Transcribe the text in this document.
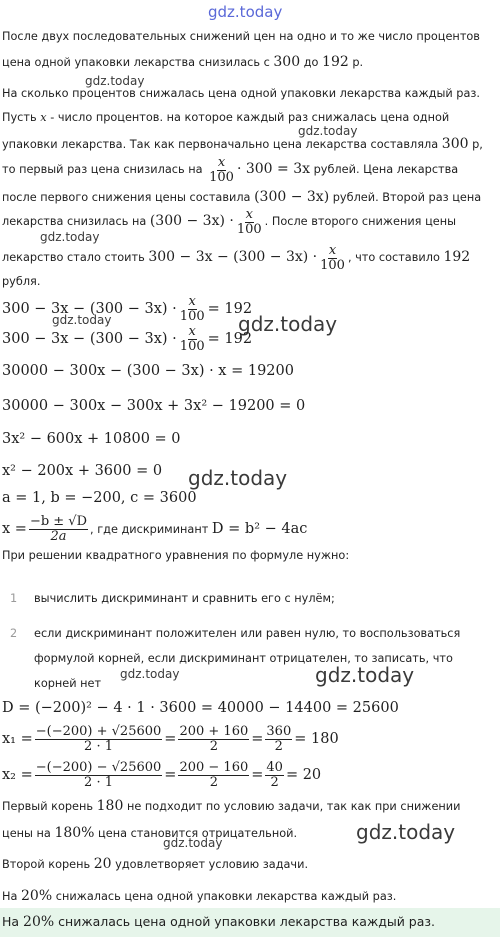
gdz.today
gdz.today
gdz.today
gdz.today
gdz.today	gdz.today
gdz.today
gdz.today	gdz.today
gdz.today
gdz.today
После двух последовательных снижений цен на одно и то же число процентов
цена одной упаковки лекарства снизилась с 300 до 192 р.
На сколько процентов снижалась цена одной упаковки лекарства каждый раз.
Пусть x - число процентов. на которое каждый раз снижалась цена одной
упаковки лекарства. Так как первоначально цена лекарства составляла 300 р,
то первый раз цена снизилась на $\frac{x}{100} \cdot 300 = 3x$ рублей. Цена лекарства
после первого снижения цены составила (300 − 3x) рублей. Второй раз цена
лекарства снизилась на $(300 - 3x) \cdot \frac{x}{100}$ . После второго снижения цены
лекарство стало стоить $300 - 3x - (300 - 3x) \cdot \frac{x}{100}$ , что составило 192
рубля.
$300 - 3x - (300 - 3x) \cdot \frac{x}{100} = 192$
$300 - 3x - (300 - 3x) \cdot \frac{x}{100} = 192$
30000 − 300x − (300 − 3x) · x = 19200
30000 − 300x − 300x + 3x² − 19200 = 0
3x² − 600x + 10800 = 0
x² − 200x + 3600 = 0
a = 1, b = −200, c = 3600
$x = \frac{-b \pm √D}{2a}$ , где дискриминант D = b² − 4ac
При решении квадратного уравнения по формуле нужно:
1 вычислить дискриминант и сравнить его с нулём;
2 если дискриминант положителен или равен нулю, то воспользоваться
формулой корней, если дискриминант отрицателен, то записать, что
корней нет
D = (−200)² − 4 · 1 · 3600 = 40000 − 14400 = 25600
$x_1 = \frac{-(-200) + √25600}{2 \cdot 1} = \frac{200 + 160}{2} = \frac{360}{2} = 180$
$x_2 = \frac{-(-200) - √25600}{2 \cdot 1} = \frac{200 - 160}{2} = \frac{40}{2} = 20$
Первый корень 180 не подходит по условию задачи, так как при снижении
цены на 180% цена становится отрицательной.
Второй корень 20 удовлетворяет условию задачи.
На 20% снижалась цена одной упаковки лекарства каждый раз.
На 20% снижалась цена одной упаковки лекарства каждый раз.
